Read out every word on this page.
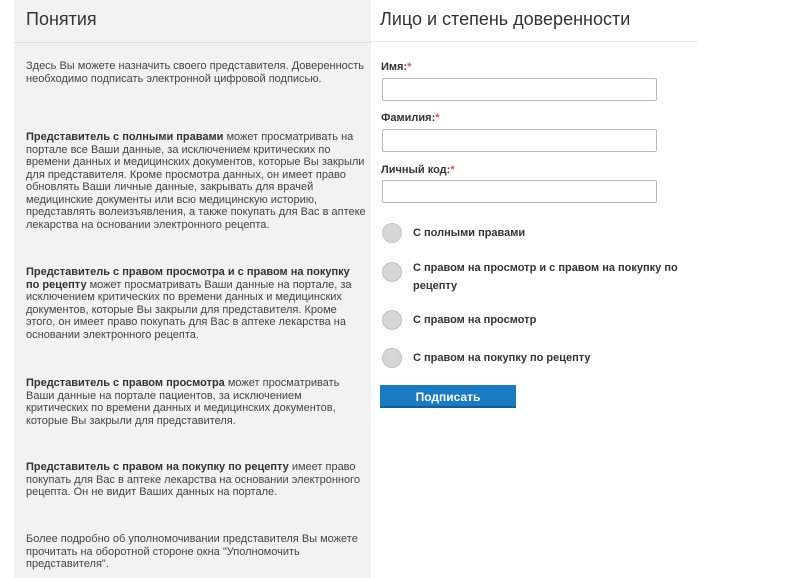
Понятия
Здесь Вы можете назначить своего представителя. Доверенность необходимо подписать электронной цифровой подписью.
Представитель с полными правами может просматривать на портале все Ваши данные, за исключением критических по времени данных и медицинских документов, которые Вы закрыли для представителя. Кроме просмотра данных, он имеет право обновлять Ваши личные данные, закрывать для врачей медицинские документы или всю медицинскую историю, представлять волеизъявления, а также покупать для Вас в аптеке лекарства на основании электронного рецепта.
Представитель с правом просмотра и с правом на покупку по рецепту может просматривать Ваши данные на портале, за исключением критических по времени данных и медицинских документов, которые Вы закрыли для представителя. Кроме этого, он имеет право покупать для Вас в аптеке лекарства на основании электронного рецепта.
Представитель с правом просмотра может просматривать Ваши данные на портале пациентов, за исключением критических по времени данных и медицинских документов, которые Вы закрыли для представителя.
Представитель с правом на покупку по рецепту имеет право покупать для Вас в аптеке лекарства на основании электронного рецепта. Он не видит Ваших данных на портале.
Более подробно об уполномочивании представителя Вы можете прочитать на оборотной стороне окна "Уполномочить представителя".
Лицо и степень доверенности
Имя:*
Фамилия:*
Личный код:*
С полными правами
С правом на просмотр и с правом на покупку по рецепту
С правом на просмотр
С правом на покупку по рецепту
Подписать
